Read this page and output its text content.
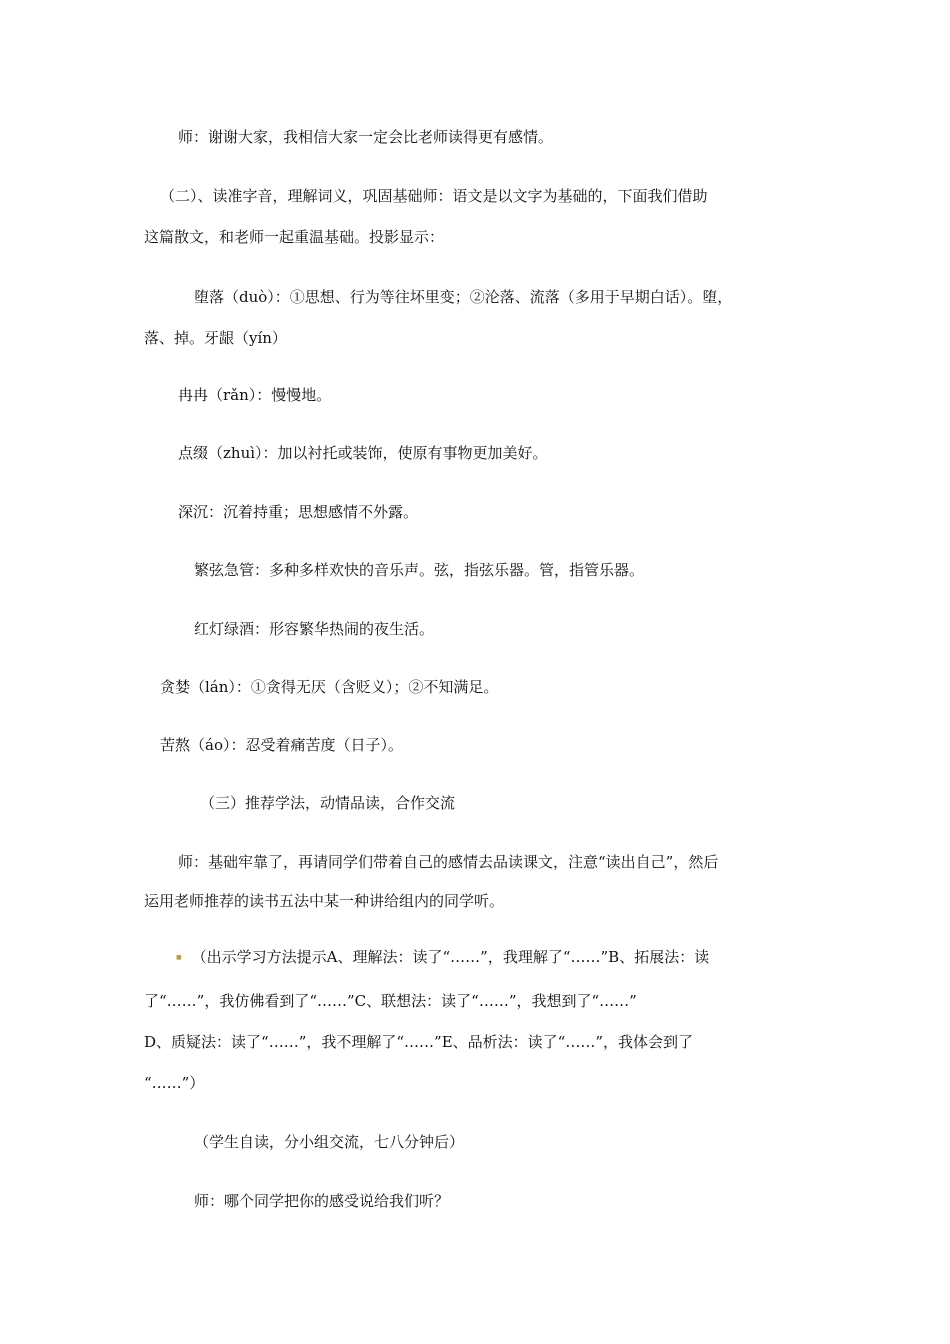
师：谢谢大家，我相信大家一定会比老师读得更有感情。

（二）、读准字音，理解词义，巩固基础师：语文是以文字为基础的，下面我们借助

这篇散文，和老师一起重温基础。投影显示：

堕落（duò）：①思想、行为等往坏里变；②沦落、流落（多用于早期白话）。堕，

落、掉。牙龈（yín）

冉冉（rǎn）：慢慢地。

点缀（zhuì）：加以衬托或装饰，使原有事物更加美好。

深沉：沉着持重；思想感情不外露。

繁弦急管：多种多样欢快的音乐声。弦，指弦乐器。管，指管乐器。

红灯绿酒：形容繁华热闹的夜生活。

贪婪（lán）：①贪得无厌（含贬义）；②不知满足。

苦熬（áo）：忍受着痛苦度（日子）。

（三）推荐学法，动情品读，合作交流

师：基础牢靠了，再请同学们带着自己的感情去品读课文，注意“读出自己”，然后

运用老师推荐的读书五法中某一种讲给组内的同学听。

■ （出示学习方法提示A、理解法：读了“……”，我理解了“……”B、拓展法：读

了“……”，我仿佛看到了“……”C、联想法：读了“……”，我想到了“……”

D、质疑法：读了“……”，我不理解了“……”E、品析法：读了“……”，我体会到了

“……”）

（学生自读，分小组交流，七八分钟后）

师：哪个同学把你的感受说给我们听？
